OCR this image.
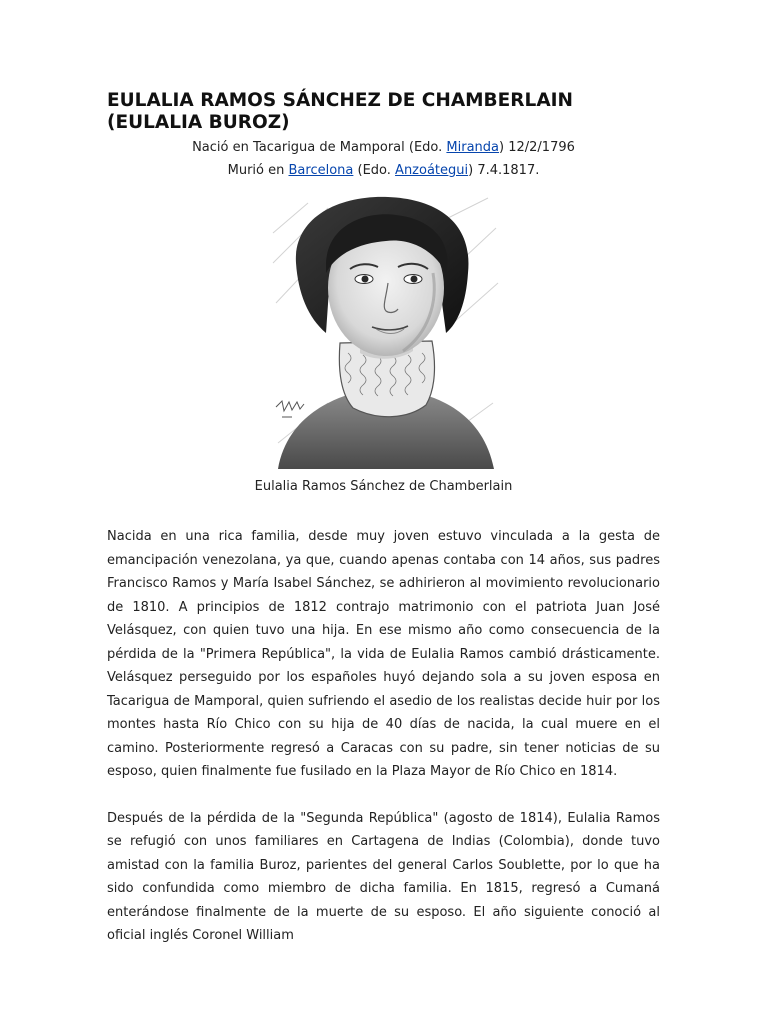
EULALIA RAMOS SÁNCHEZ DE CHAMBERLAIN (EULALIA BUROZ)
Nació en Tacarigua de Mamporal (Edo. Miranda) 12/2/1796
Murió en Barcelona (Edo. Anzoátegui) 7.4.1817.
Eulalia Ramos Sánchez de Chamberlain

Nacida en una rica familia, desde muy joven estuvo vinculada a la gesta de emancipación venezolana, ya que, cuando apenas contaba con 14 años, sus padres Francisco Ramos y María Isabel Sánchez, se adhirieron al movimiento revolucionario de 1810. A principios de 1812 contrajo matrimonio con el patriota Juan José Velásquez, con quien tuvo una hija. En ese mismo año como consecuencia de la pérdida de la "Primera República", la vida de Eulalia Ramos cambió drásticamente. Velásquez perseguido por los españoles huyó dejando sola a su joven esposa en Tacarigua de Mamporal, quien sufriendo el asedio de los realistas decide huir por los montes hasta Río Chico con su hija de 40 días de nacida, la cual muere en el camino. Posteriormente regresó a Caracas con su padre, sin tener noticias de su esposo, quien finalmente fue fusilado en la Plaza Mayor de Río Chico en 1814.

Después de la pérdida de la "Segunda República" (agosto de 1814), Eulalia Ramos se refugió con unos familiares en Cartagena de Indias (Colombia), donde tuvo amistad con la familia Buroz, parientes del general Carlos Soublette, por lo que ha sido confundida como miembro de dicha familia. En 1815, regresó a Cumaná enterándose finalmente de la muerte de su esposo. El año siguiente conoció al oficial inglés Coronel William
